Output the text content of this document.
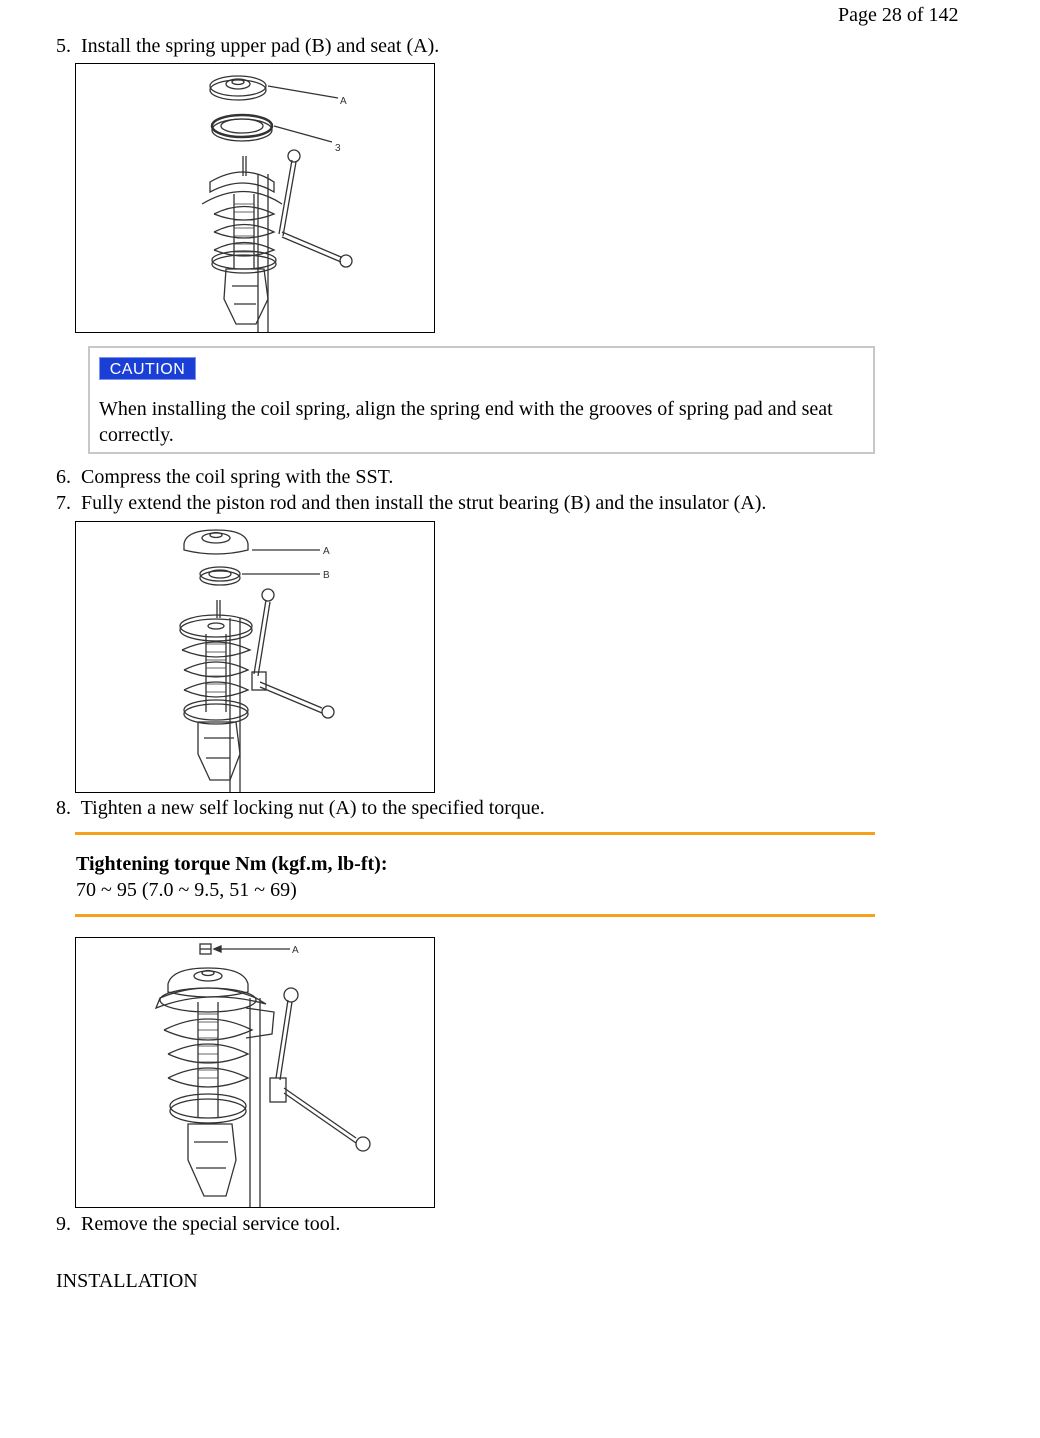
Page 28 of 142
5. Install the spring upper pad (B) and seat (A).
A
3
CAUTION
When installing the coil spring, align the spring end with the grooves of spring pad and seat correctly.
6. Compress the coil spring with the SST.
7. Fully extend the piston rod and then install the strut bearing (B) and the insulator (A).
A
B
8. Tighten a new self locking nut (A) to the specified torque.
Tightening torque Nm (kgf.m, lb-ft):
70 ~ 95 (7.0 ~ 9.5, 51 ~ 69)
A
9. Remove the special service tool.
INSTALLATION
